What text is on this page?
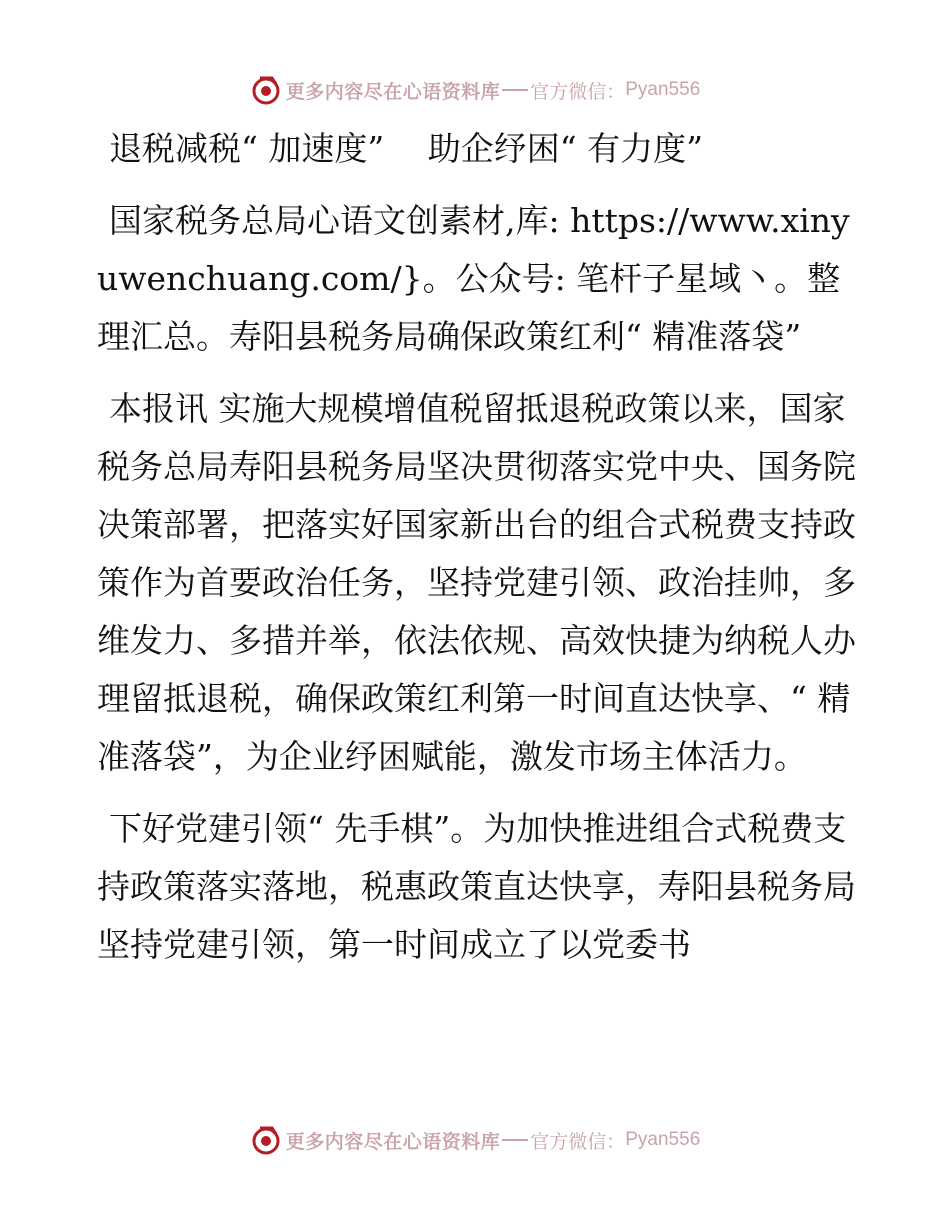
更多内容尽在心语资料库 官方微信： Pyan556
退税减税“ 加速度”　 助企纾困“ 有力度”
国家税务总局心语文创素材,库: https://www.xinyuwenchuang.com/}。公众号: 笔杆子星域丶。整理汇总。寿阳县税务局确保政策红利“ 精准落袋”
本报讯 实施大规模增值税留抵退税政策以来，国家税务总局寿阳县税务局坚决贯彻落实党中央、国务院决策部署，把落实好国家新出台的组合式税费支持政策作为首要政治任务，坚持党建引领、政治挂帅，多维发力、多措并举，依法依规、高效快捷为纳税人办理留抵退税，确保政策红利第一时间直达快享、“ 精准落袋”，为企业纾困赋能，激发市场主体活力。
下好党建引领“ 先手棋”。为加快推进组合式税费支持政策落实落地，税惠政策直达快享，寿阳县税务局坚持党建引领，第一时间成立了以党委书
更多内容尽在心语资料库 官方微信： Pyan556
